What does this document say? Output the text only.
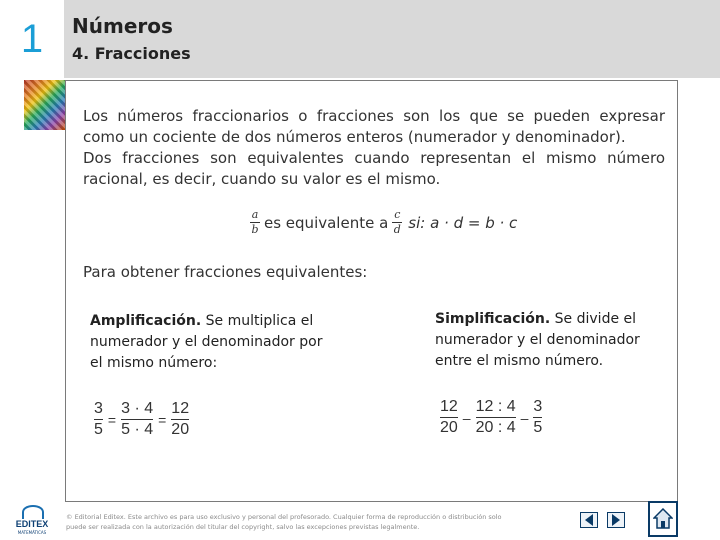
1	Números
4. Fracciones

Los números fraccionarios o fracciones son los que se pueden expresar como un cociente de dos números enteros (numerador y denominador).

Dos fracciones son equivalentes cuando representan el mismo número racional, es decir, cuando su valor es el mismo.

$\frac{a}{b}$ es equivalente a $\frac{c}{d}$ si: a · d = b · c
Para obtener fracciones equivalentes:
Amplificación. Se multiplica el numerador y el denominador por el mismo número:
3
5
=
3 · 4
5 · 4
=
12
20
Simplificación. Se divide el numerador y el denominador entre el mismo número.
12
20
–
12 : 4
20 : 4
–
3
5
EDITEX
MATEMÁTICAS
© Editorial Editex. Este archivo es para uso exclusivo y personal del profesorado. Cualquier forma de reproducción o distribución solo puede ser realizada con la autorización del titular del copyright, salvo las excepciones previstas legalmente.
